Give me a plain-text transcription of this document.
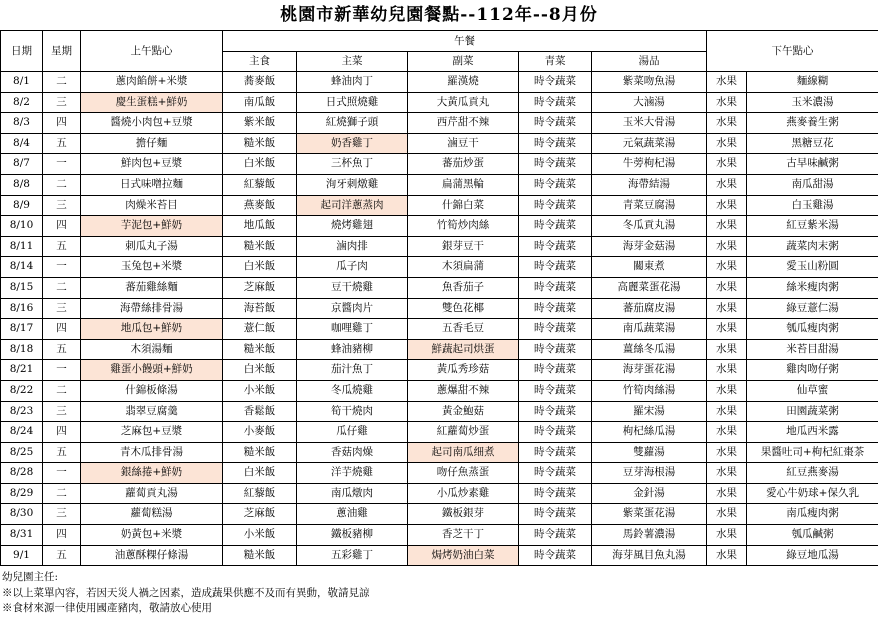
桃園市新華幼兒園餐點--112年--8月份
日期	星期	上午點心	午餐					下午點心	
			主食	主菜	副菜	青菜	湯品		
8/1	二	蔥肉餡餅+米漿	蕎麥飯	蜂油肉丁	羅漢燒	時令蔬菜	紫菜吻魚湯	水果	麵線糊
8/2	三	慶生蛋糕+鮮奶	南瓜飯	日式照燒雞	大黃瓜貢丸	時令蔬菜	大滷湯	水果	玉米濃湯
8/3	四	醬燒小肉包+豆漿	紫米飯	紅燒獅子頭	西芹甜不辣	時令蔬菜	玉米大骨湯	水果	燕麥養生粥
8/4	五	擔仔麵	糙米飯	奶香雞丁	滷豆干	時令蔬菜	元氣蔬菜湯	水果	黑糖豆花
8/7	一	鮮肉包+豆漿	白米飯	三杯魚丁	蕃茄炒蛋	時令蔬菜	牛蒡枸杞湯	水果	古早味鹹粥
8/8	二	日式味噌拉麵	紅藜飯	洵牙刺燉雞	扁蒲黑輪	時令蔬菜	海帶結湯	水果	南瓜甜湯
8/9	三	肉燥米苔目	燕麥飯	起司洋蔥蒸肉	什錦白菜	時令蔬菜	青菜豆腐湯	水果	白玉雞湯
8/10	四	芋泥包+鮮奶	地瓜飯	燒烤雞翅	竹筍炒肉絲	時令蔬菜	冬瓜貢丸湯	水果	紅豆紫米湯
8/11	五	刺瓜丸子湯	糙米飯	滷肉排	銀芽豆干	時令蔬菜	海芽金菇湯	水果	蔬菜肉末粥
8/14	一	玉兔包+米漿	白米飯	瓜子肉	木須扁蒲	時令蔬菜	關東煮	水果	愛玉山粉圓
8/15	二	蕃茄雞絲麵	芝麻飯	豆干燒雞	魚香茄子	時令蔬菜	高麗菜蛋花湯	水果	絲米瘦肉粥
8/16	三	海帶絲排骨湯	海苔飯	京醬肉片	雙色花椰	時令蔬菜	蕃茄腐皮湯	水果	綠豆薏仁湯
8/17	四	地瓜包+鮮奶	薏仁飯	咖哩雞丁	五香毛豆	時令蔬菜	南瓜蔬菜湯	水果	瓠瓜瘦肉粥
8/18	五	木須湯麵	糙米飯	蜂油豬柳	鮮蔬起司烘蛋	時令蔬菜	薑絲冬瓜湯	水果	米苔目甜湯
8/21	一	雞蛋小饅頭+鮮奶	白米飯	茄汁魚丁	黃瓜秀珍菇	時令蔬菜	海芽蛋花湯	水果	雞肉吻仔粥
8/22	二	什錦板條湯	小米飯	冬瓜燒雞	蔥爆甜不辣	時令蔬菜	竹筍肉絲湯	水果	仙草蜜
8/23	三	翡翠豆腐羹	香鬆飯	筍干燒肉	黃金鮑菇	時令蔬菜	羅宋湯	水果	田園蔬菜粥
8/24	四	芝麻包+豆漿	小麥飯	瓜仔雞	紅蘿蔔炒蛋	時令蔬菜	枸杞絲瓜湯	水果	地瓜西米露
8/25	五	青木瓜排骨湯	糙米飯	香菇肉燥	起司南瓜细煮	時令蔬菜	雙蘿湯	水果	果醬吐司+枸杞紅棗茶
8/28	一	銀絲捲+鮮奶	白米飯	洋芋燒雞	吻仔魚蒸蛋	時令蔬菜	豆芽海根湯	水果	紅豆燕麥湯
8/29	二	蘿蔔貢丸湯	紅藜飯	南瓜燉肉	小瓜炒素雞	時令蔬菜	金針湯	水果	愛心牛奶球+保久乳
8/30	三	蘿蔔糕湯	芝麻飯	蔥油雞	鐵板銀芽	時令蔬菜	紫菜蛋花湯	水果	南瓜瘦肉粥
8/31	四	奶黃包+米漿	小米飯	鐵板豬柳	香芝干丁	時令蔬菜	馬鈴薯濃湯	水果	瓠瓜鹹粥
9/1	五	油蔥酥粿仔條湯	糙米飯	五彩雞丁	焗烤奶油白菜	時令蔬菜	海芽風目魚丸湯	水果	綠豆地瓜湯
幼兒園主任:
※以上菜單內容，若因天災人禍之因素，造成蔬果供應不及而有異動，敬請見諒
※食材來源一律使用國產豬肉，敬請放心使用
